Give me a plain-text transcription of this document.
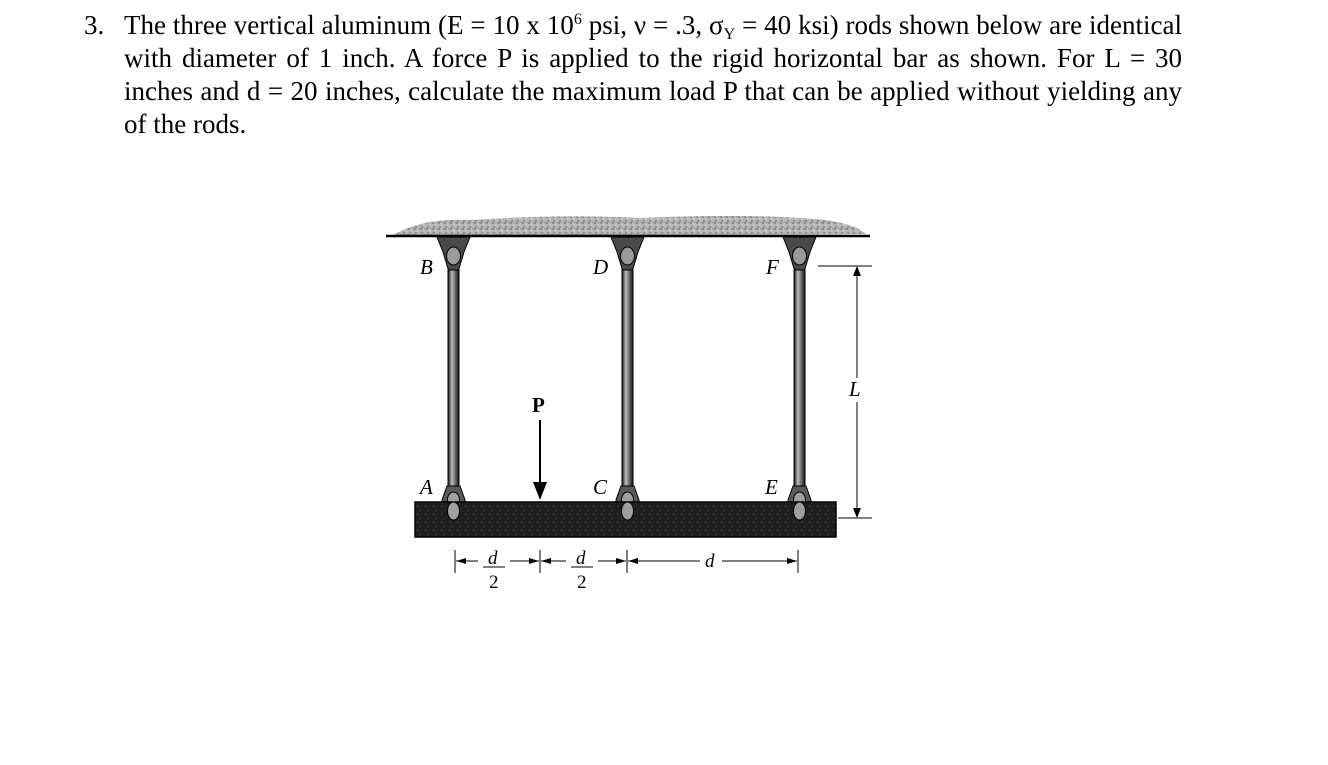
3. The three vertical aluminum (E = 10 x $10^6$ psi, ν = .3, $\sigma_Y = 40$ ksi) rods shown below are identical with diameter of 1 inch. A force P is applied to the rigid horizontal bar as shown. For L = 30 inches and d = 20 inches, calculate the maximum load P that can be applied without yielding any of the rods.
B	D	F
A	C	E
P
L
d
2
d
2
d
